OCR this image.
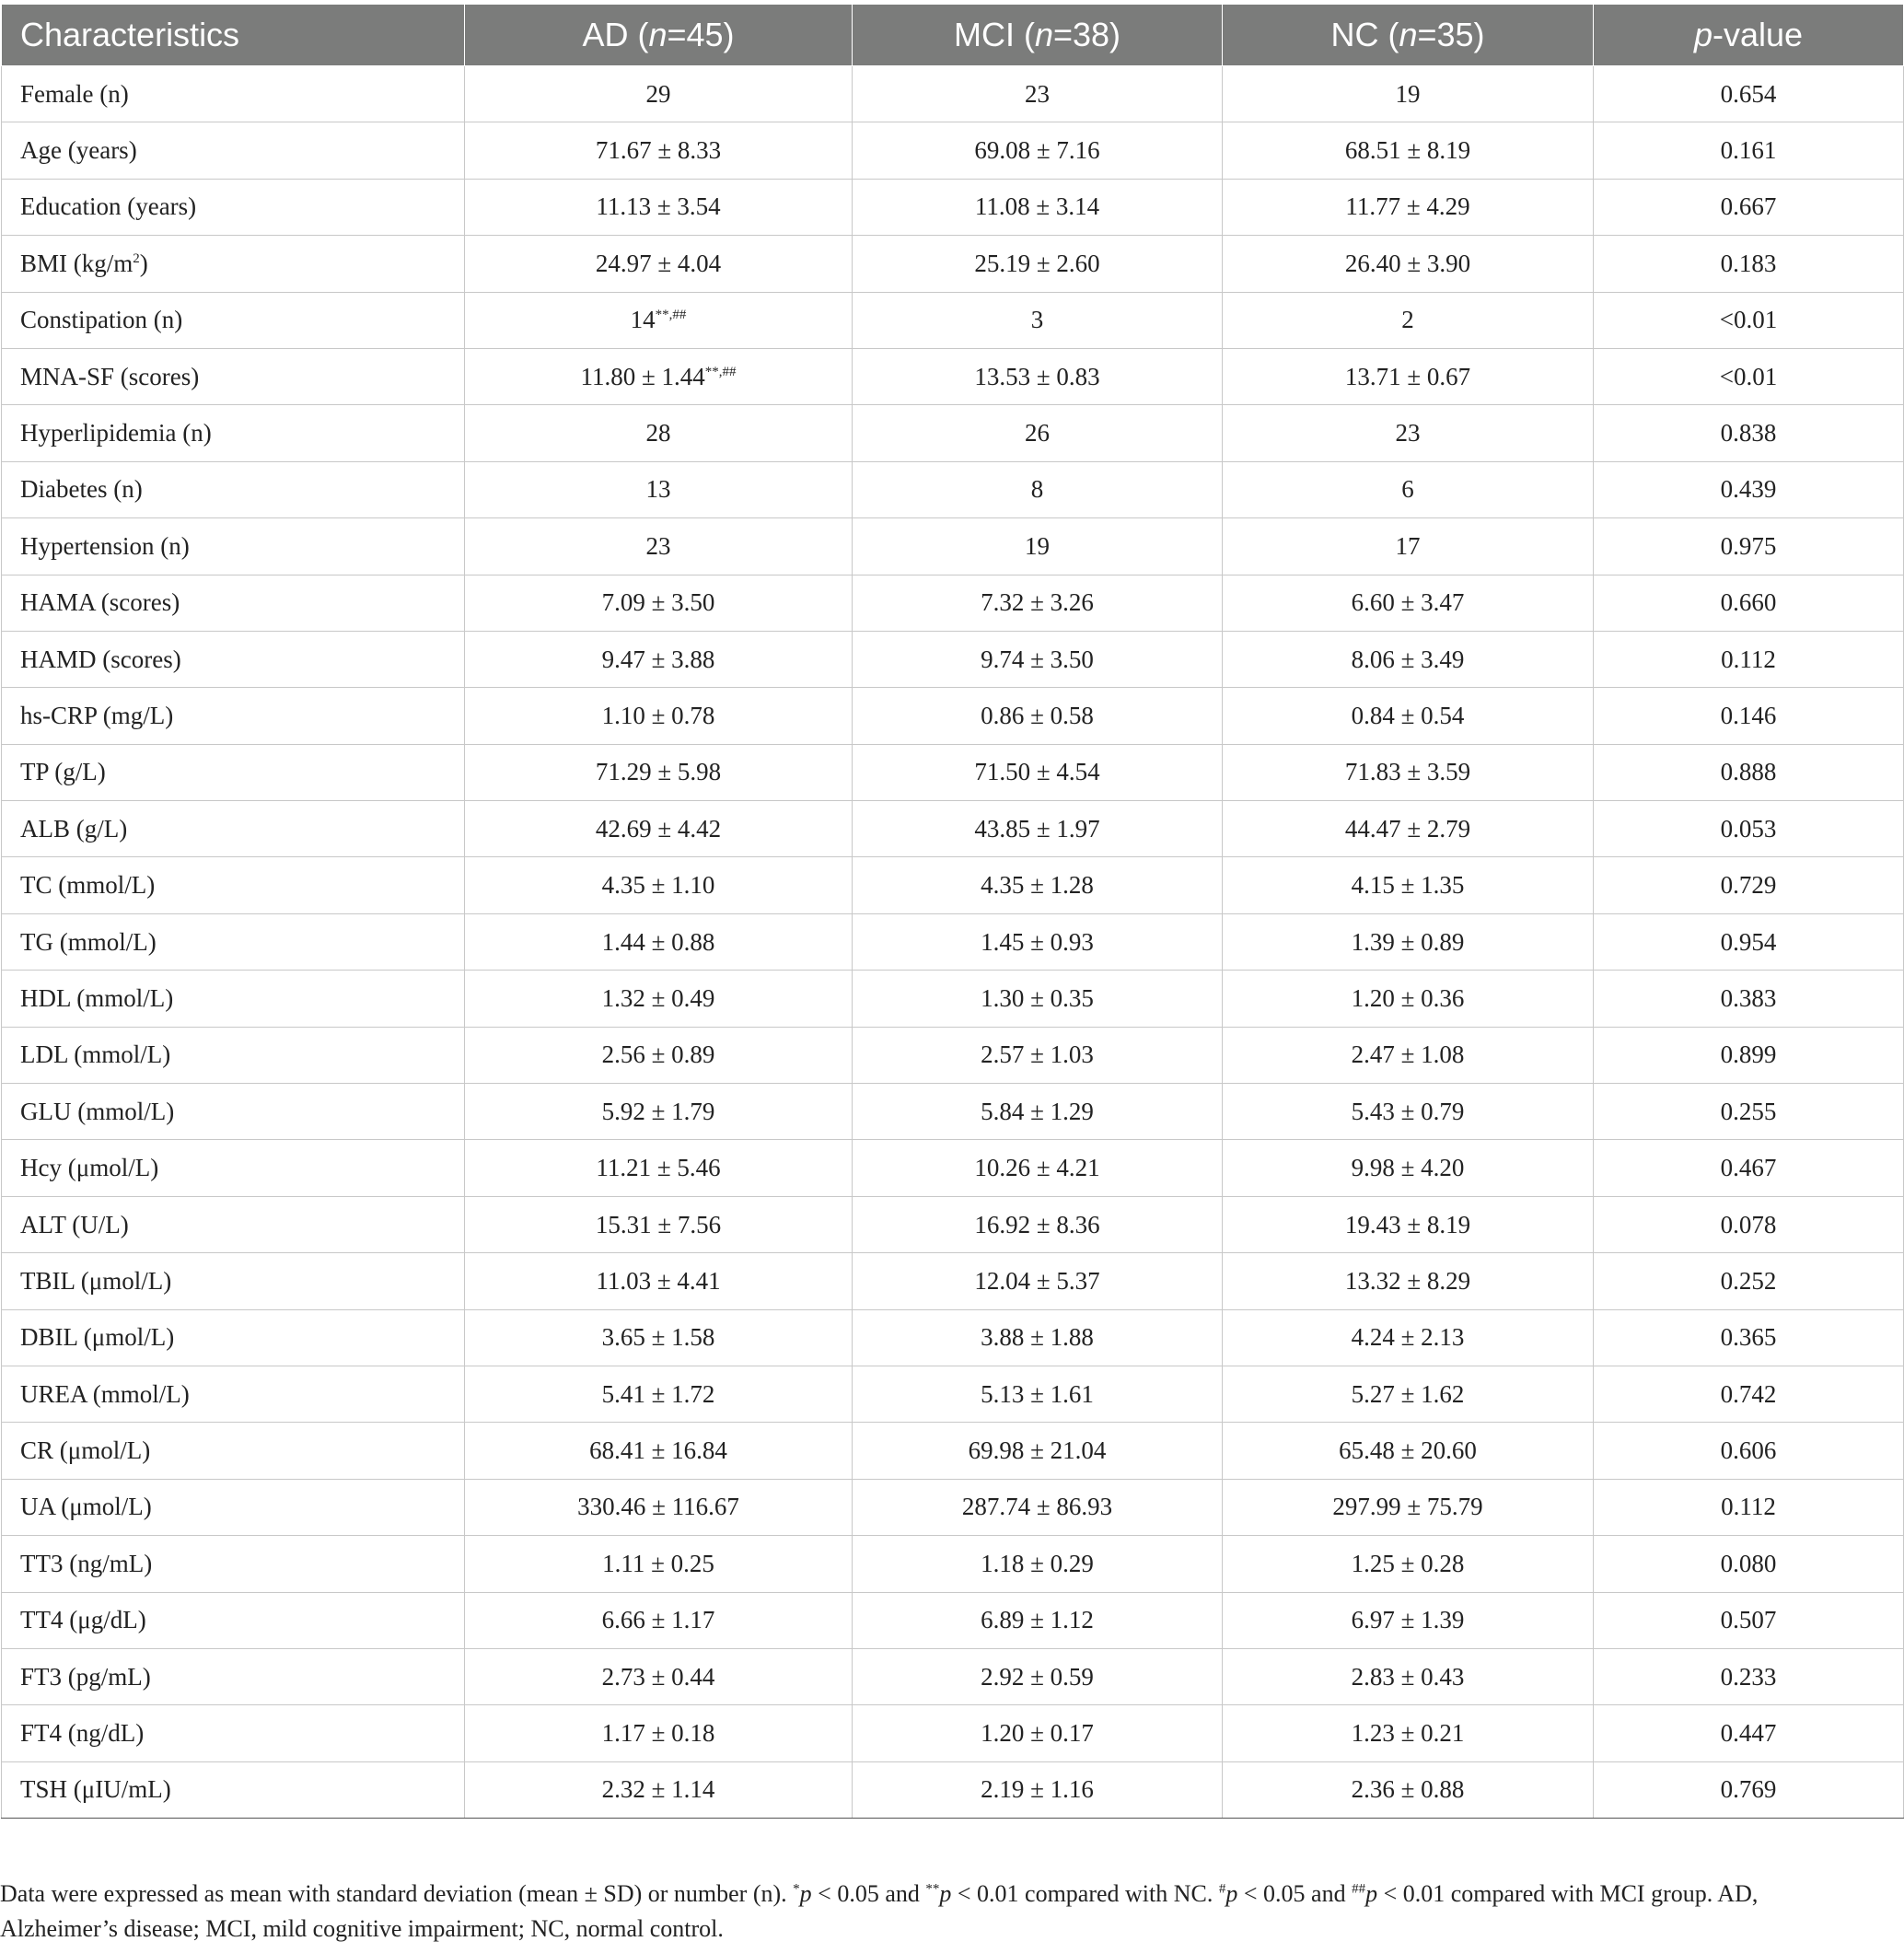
Characteristics	AD (n=45)	MCI (n=38)	NC (n=35)	p-value
Female (n)	29	23	19	0.654
Age (years)	71.67 ± 8.33	69.08 ± 7.16	68.51 ± 8.19	0.161
Education (years)	11.13 ± 3.54	11.08 ± 3.14	11.77 ± 4.29	0.667
BMI $(kg/m^2)$	24.97 ± 4.04	25.19 ± 2.60	26.40 ± 3.90	0.183
Constipation (n)	14**,##	3	2	<0.01
MNA-SF (scores)	11.80 ± 1.44**,##	13.53 ± 0.83	13.71 ± 0.67	<0.01
Hyperlipidemia (n)	28	26	23	0.838
Diabetes (n)	13	8	6	0.439
Hypertension (n)	23	19	17	0.975
HAMA (scores)	7.09 ± 3.50	7.32 ± 3.26	6.60 ± 3.47	0.660
HAMD (scores)	9.47 ± 3.88	9.74 ± 3.50	8.06 ± 3.49	0.112
hs-CRP (mg/L)	1.10 ± 0.78	0.86 ± 0.58	0.84 ± 0.54	0.146
TP (g/L)	71.29 ± 5.98	71.50 ± 4.54	71.83 ± 3.59	0.888
ALB (g/L)	42.69 ± 4.42	43.85 ± 1.97	44.47 ± 2.79	0.053
TC (mmol/L)	4.35 ± 1.10	4.35 ± 1.28	4.15 ± 1.35	0.729
TG (mmol/L)	1.44 ± 0.88	1.45 ± 0.93	1.39 ± 0.89	0.954
HDL (mmol/L)	1.32 ± 0.49	1.30 ± 0.35	1.20 ± 0.36	0.383
LDL (mmol/L)	2.56 ± 0.89	2.57 ± 1.03	2.47 ± 1.08	0.899
GLU (mmol/L)	5.92 ± 1.79	5.84 ± 1.29	5.43 ± 0.79	0.255
Hcy (μmol/L)	11.21 ± 5.46	10.26 ± 4.21	9.98 ± 4.20	0.467
ALT (U/L)	15.31 ± 7.56	16.92 ± 8.36	19.43 ± 8.19	0.078
TBIL (μmol/L)	11.03 ± 4.41	12.04 ± 5.37	13.32 ± 8.29	0.252
DBIL (μmol/L)	3.65 ± 1.58	3.88 ± 1.88	4.24 ± 2.13	0.365
UREA (mmol/L)	5.41 ± 1.72	5.13 ± 1.61	5.27 ± 1.62	0.742
CR (μmol/L)	68.41 ± 16.84	69.98 ± 21.04	65.48 ± 20.60	0.606
UA (μmol/L)	330.46 ± 116.67	287.74 ± 86.93	297.99 ± 75.79	0.112
TT3 (ng/mL)	1.11 ± 0.25	1.18 ± 0.29	1.25 ± 0.28	0.080
TT4 (μg/dL)	6.66 ± 1.17	6.89 ± 1.12	6.97 ± 1.39	0.507
FT3 (pg/mL)	2.73 ± 0.44	2.92 ± 0.59	2.83 ± 0.43	0.233
FT4 (ng/dL)	1.17 ± 0.18	1.20 ± 0.17	1.23 ± 0.21	0.447
TSH (μIU/mL)	2.32 ± 1.14	2.19 ± 1.16	2.36 ± 0.88	0.769
Data were expressed as mean with standard deviation (mean ± SD) or number (n). *p < 0.05 and **p < 0.01 compared with NC. #p < 0.05 and ##p < 0.01 compared with MCI group. AD, Alzheimer’s disease; MCI, mild cognitive impairment; NC, normal control.
